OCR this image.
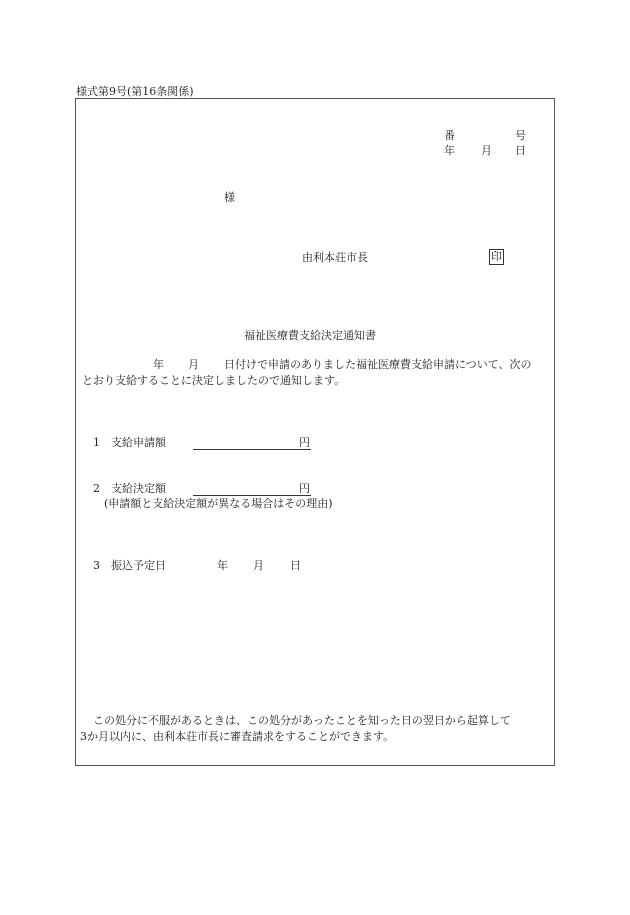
様式第9号(第16条関係)
番	号
年 月 日
様
由利本荘市長	印
福祉医療費支給決定通知書
年 月 日付けで申請のありました福祉医療費支給申請について、次の
とおり支給することに決定しましたので通知します。
1 支給申請額	円
2 支給決定額	円
(申請額と支給決定額が異なる場合はその理由)
3 振込予定日	年 月 日
この処分に不服があるときは、この処分があったことを知った日の翌日から起算して
3か月以内に、由利本荘市長に審査請求をすることができます。
